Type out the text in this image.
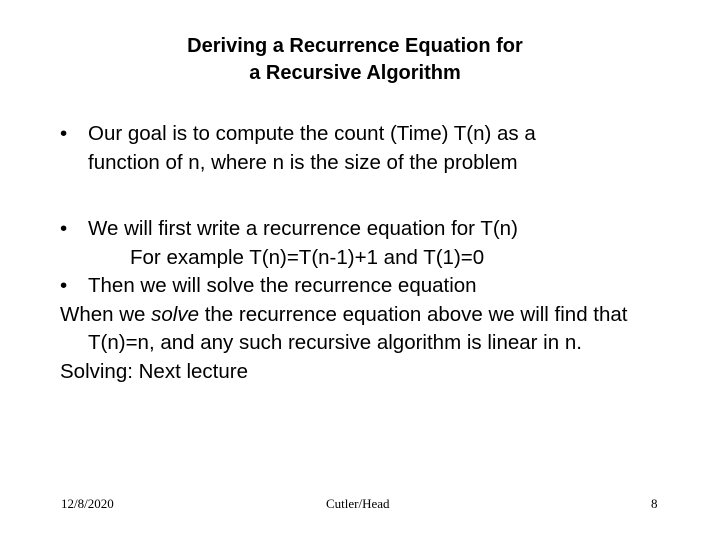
Deriving a Recurrence Equation for
a Recursive Algorithm
• Our goal is to compute the count (Time) T(n) as a
function of n, where n is the size of the problem
• We will first write a recurrence equation for T(n)
For example T(n)=T(n-1)+1 and T(1)=0
• Then we will solve the recurrence equation
When we solve the recurrence equation above we will find that T(n)=n, and any such recursive algorithm is linear in n.
Solving: Next lecture
12/8/2020	Cutler/Head	8
